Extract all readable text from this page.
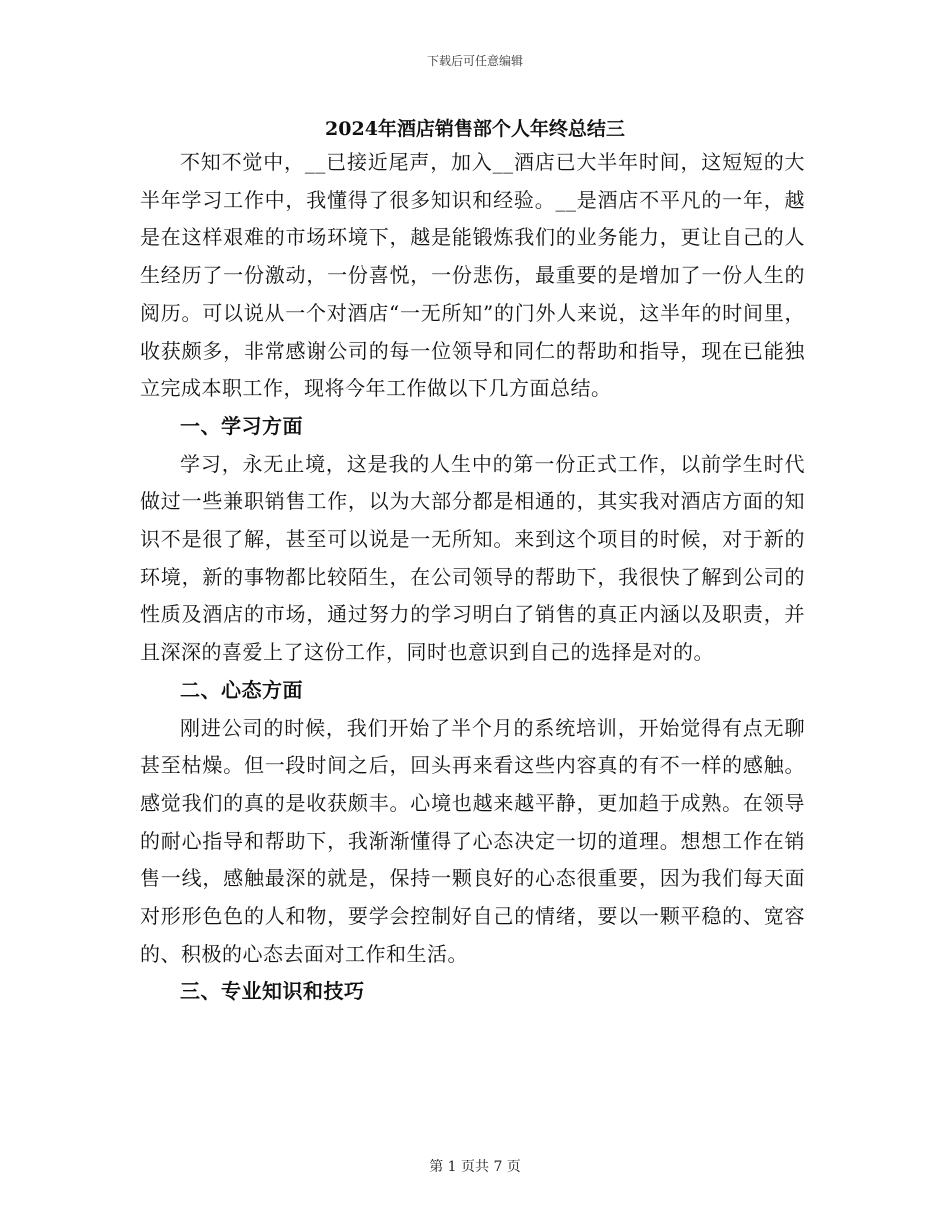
下载后可任意编辑
2024年酒店销售部个人年终总结三

不知不觉中，__已接近尾声，加入__酒店已大半年时间，这短短的大半年学习工作中，我懂得了很多知识和经验。__是酒店不平凡的一年，越是在这样艰难的市场环境下，越是能锻炼我们的业务能力，更让自己的人生经历了一份激动，一份喜悦，一份悲伤，最重要的是增加了一份人生的阅历。可以说从一个对酒店“一无所知”的门外人来说，这半年的时间里，收获颇多，非常感谢公司的每一位领导和同仁的帮助和指导，现在已能独立完成本职工作，现将今年工作做以下几方面总结。

一、学习方面

学习，永无止境，这是我的人生中的第一份正式工作，以前学生时代做过一些兼职销售工作，以为大部分都是相通的，其实我对酒店方面的知识不是很了解，甚至可以说是一无所知。来到这个项目的时候，对于新的环境，新的事物都比较陌生，在公司领导的帮助下，我很快了解到公司的性质及酒店的市场，通过努力的学习明白了销售的真正内涵以及职责，并且深深的喜爱上了这份工作，同时也意识到自己的选择是对的。

二、心态方面

刚进公司的时候，我们开始了半个月的系统培训，开始觉得有点无聊甚至枯燥。但一段时间之后，回头再来看这些内容真的有不一样的感触。感觉我们的真的是收获颇丰。心境也越来越平静，更加趋于成熟。在领导的耐心指导和帮助下，我渐渐懂得了心态决定一切的道理。想想工作在销售一线，感触最深的就是，保持一颗良好的心态很重要，因为我们每天面对形形色色的人和物，要学会控制好自己的情绪，要以一颗平稳的、宽容的、积极的心态去面对工作和生活。

三、专业知识和技巧

第 1 页共 7 页
